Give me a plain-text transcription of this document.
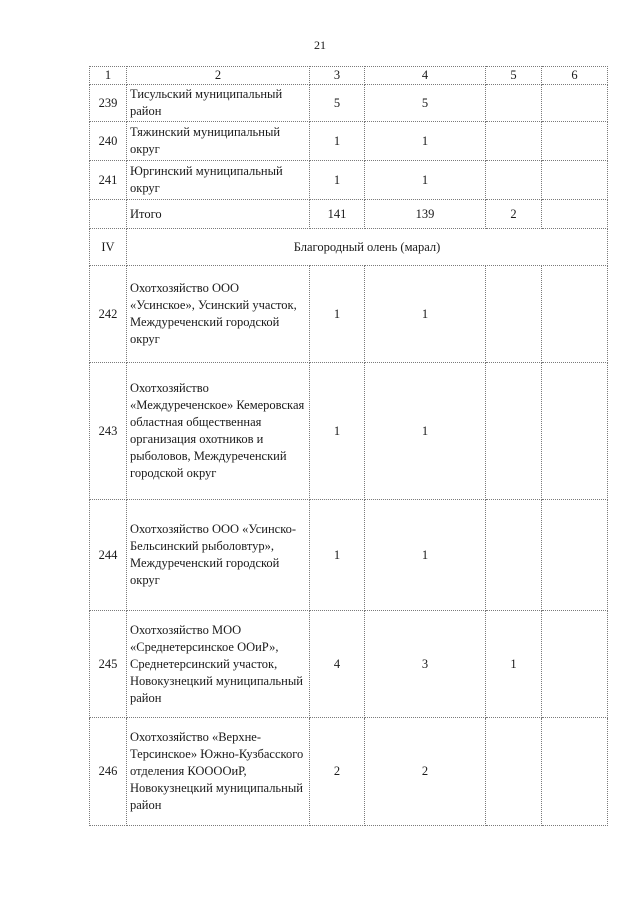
21
1	2	3	4	5	6
239	Тисульский муниципальный район	5	5		
240	Тяжинский муниципальный округ	1	1		
241	Юргинский муниципальный округ	1	1		
	Итого	141	139	2	
IV	Благородный олень (марал)				
242	Охотхозяйство ООО «Усинское», Усинский участок, Междуреченский городской округ	1	1		
243	Охотхозяйство «Междуреченское» Кемеровская областная общественная организация охотников и рыболовов, Междуреченский городской округ	1	1		
244	Охотхозяйство ООО «Усинско-Бельсинский рыболовтур», Междуреченский городской округ	1	1		
245	Охотхозяйство МОО «Среднетерсинское ООиР», Среднетерсинский участок, Новокузнецкий муниципальный район	4	3	1	
246	Охотхозяйство «Верхне-Терсинское» Южно-Кузбасского отделения КООООиР, Новокузнецкий муниципальный район	2	2		
